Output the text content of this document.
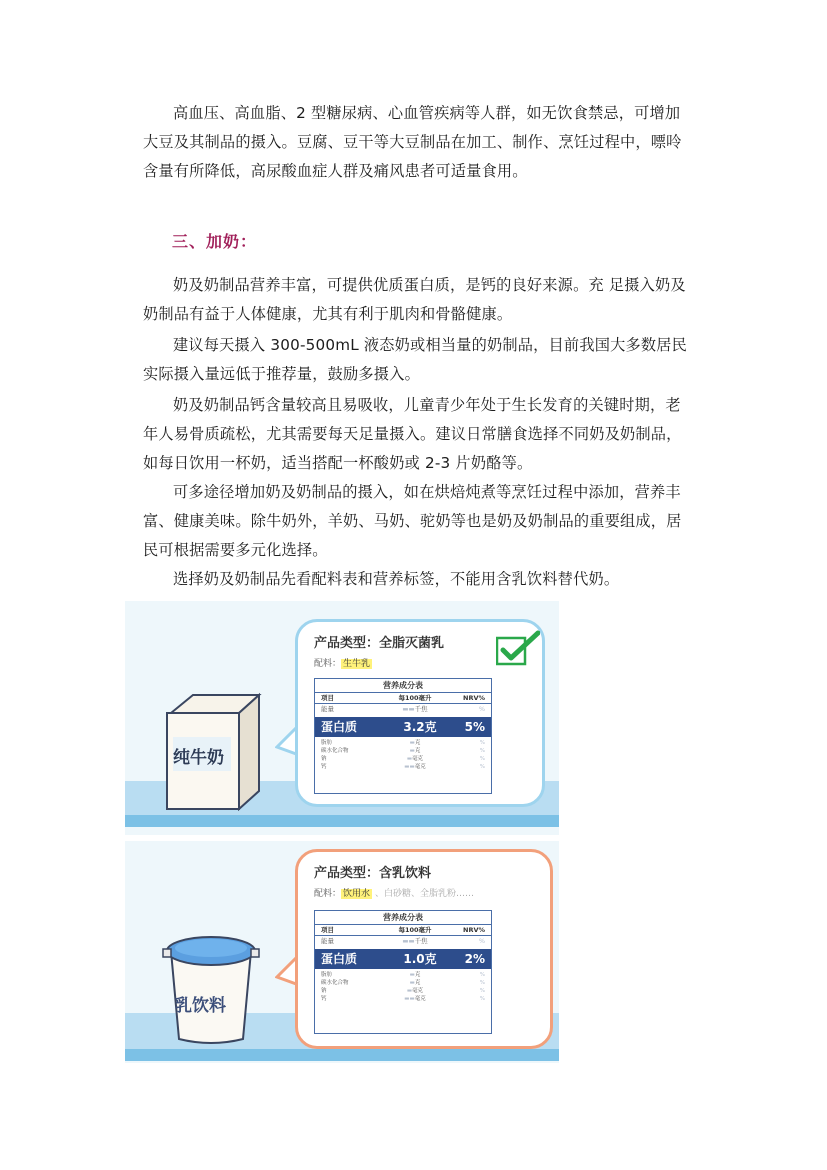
高血压、高血脂、2 型糖尿病、心血管疾病等人群，如无饮食禁忌，可增加大豆及其制品的摄入。豆腐、豆干等大豆制品在加工、制作、烹饪过程中，嘌呤含量有所降低，高尿酸血症人群及痛风患者可适量食用。

三、加奶：

奶及奶制品营养丰富，可提供优质蛋白质，是钙的良好来源。充 足摄入奶及奶制品有益于人体健康，尤其有利于肌肉和骨骼健康。

建议每天摄入 300-500mL 液态奶或相当量的奶制品，目前我国大多数居民实际摄入量远低于推荐量，鼓励多摄入。

奶及奶制品钙含量较高且易吸收，儿童青少年处于生长发育的关键时期，老年人易骨质疏松，尤其需要每天足量摄入。建议日常膳食选择不同奶及奶制品，如每日饮用一杯奶，适当搭配一杯酸奶或 2-3 片奶酪等。

可多途径增加奶及奶制品的摄入，如在烘焙炖煮等烹饪过程中添加，营养丰富、健康美味。除牛奶外，羊奶、马奶、驼奶等也是奶及奶制品的重要组成，居民可根据需要多元化选择。

选择奶及奶制品先看配料表和营养标签，不能用含乳饮料替代奶。

纯牛奶
产品类型：全脂灭菌乳
配料： 生牛乳
营养成分表
项目	每100毫升	NRV%
能量	▬▬千焦	%
蛋白质	3.2克	5%
脂肪	▬克	%
碳水化合物	▬克	%
钠	▬毫克	%
钙	▬▬毫克	%
乳饮料
产品类型：含乳饮料
配料： 饮用水 、白砂糖、全脂乳粉……
营养成分表
项目	每100毫升	NRV%
能量	▬▬千焦	%
蛋白质	1.0克	2%
脂肪	▬克	%
碳水化合物	▬克	%
钠	▬毫克	%
钙	▬▬毫克	%
